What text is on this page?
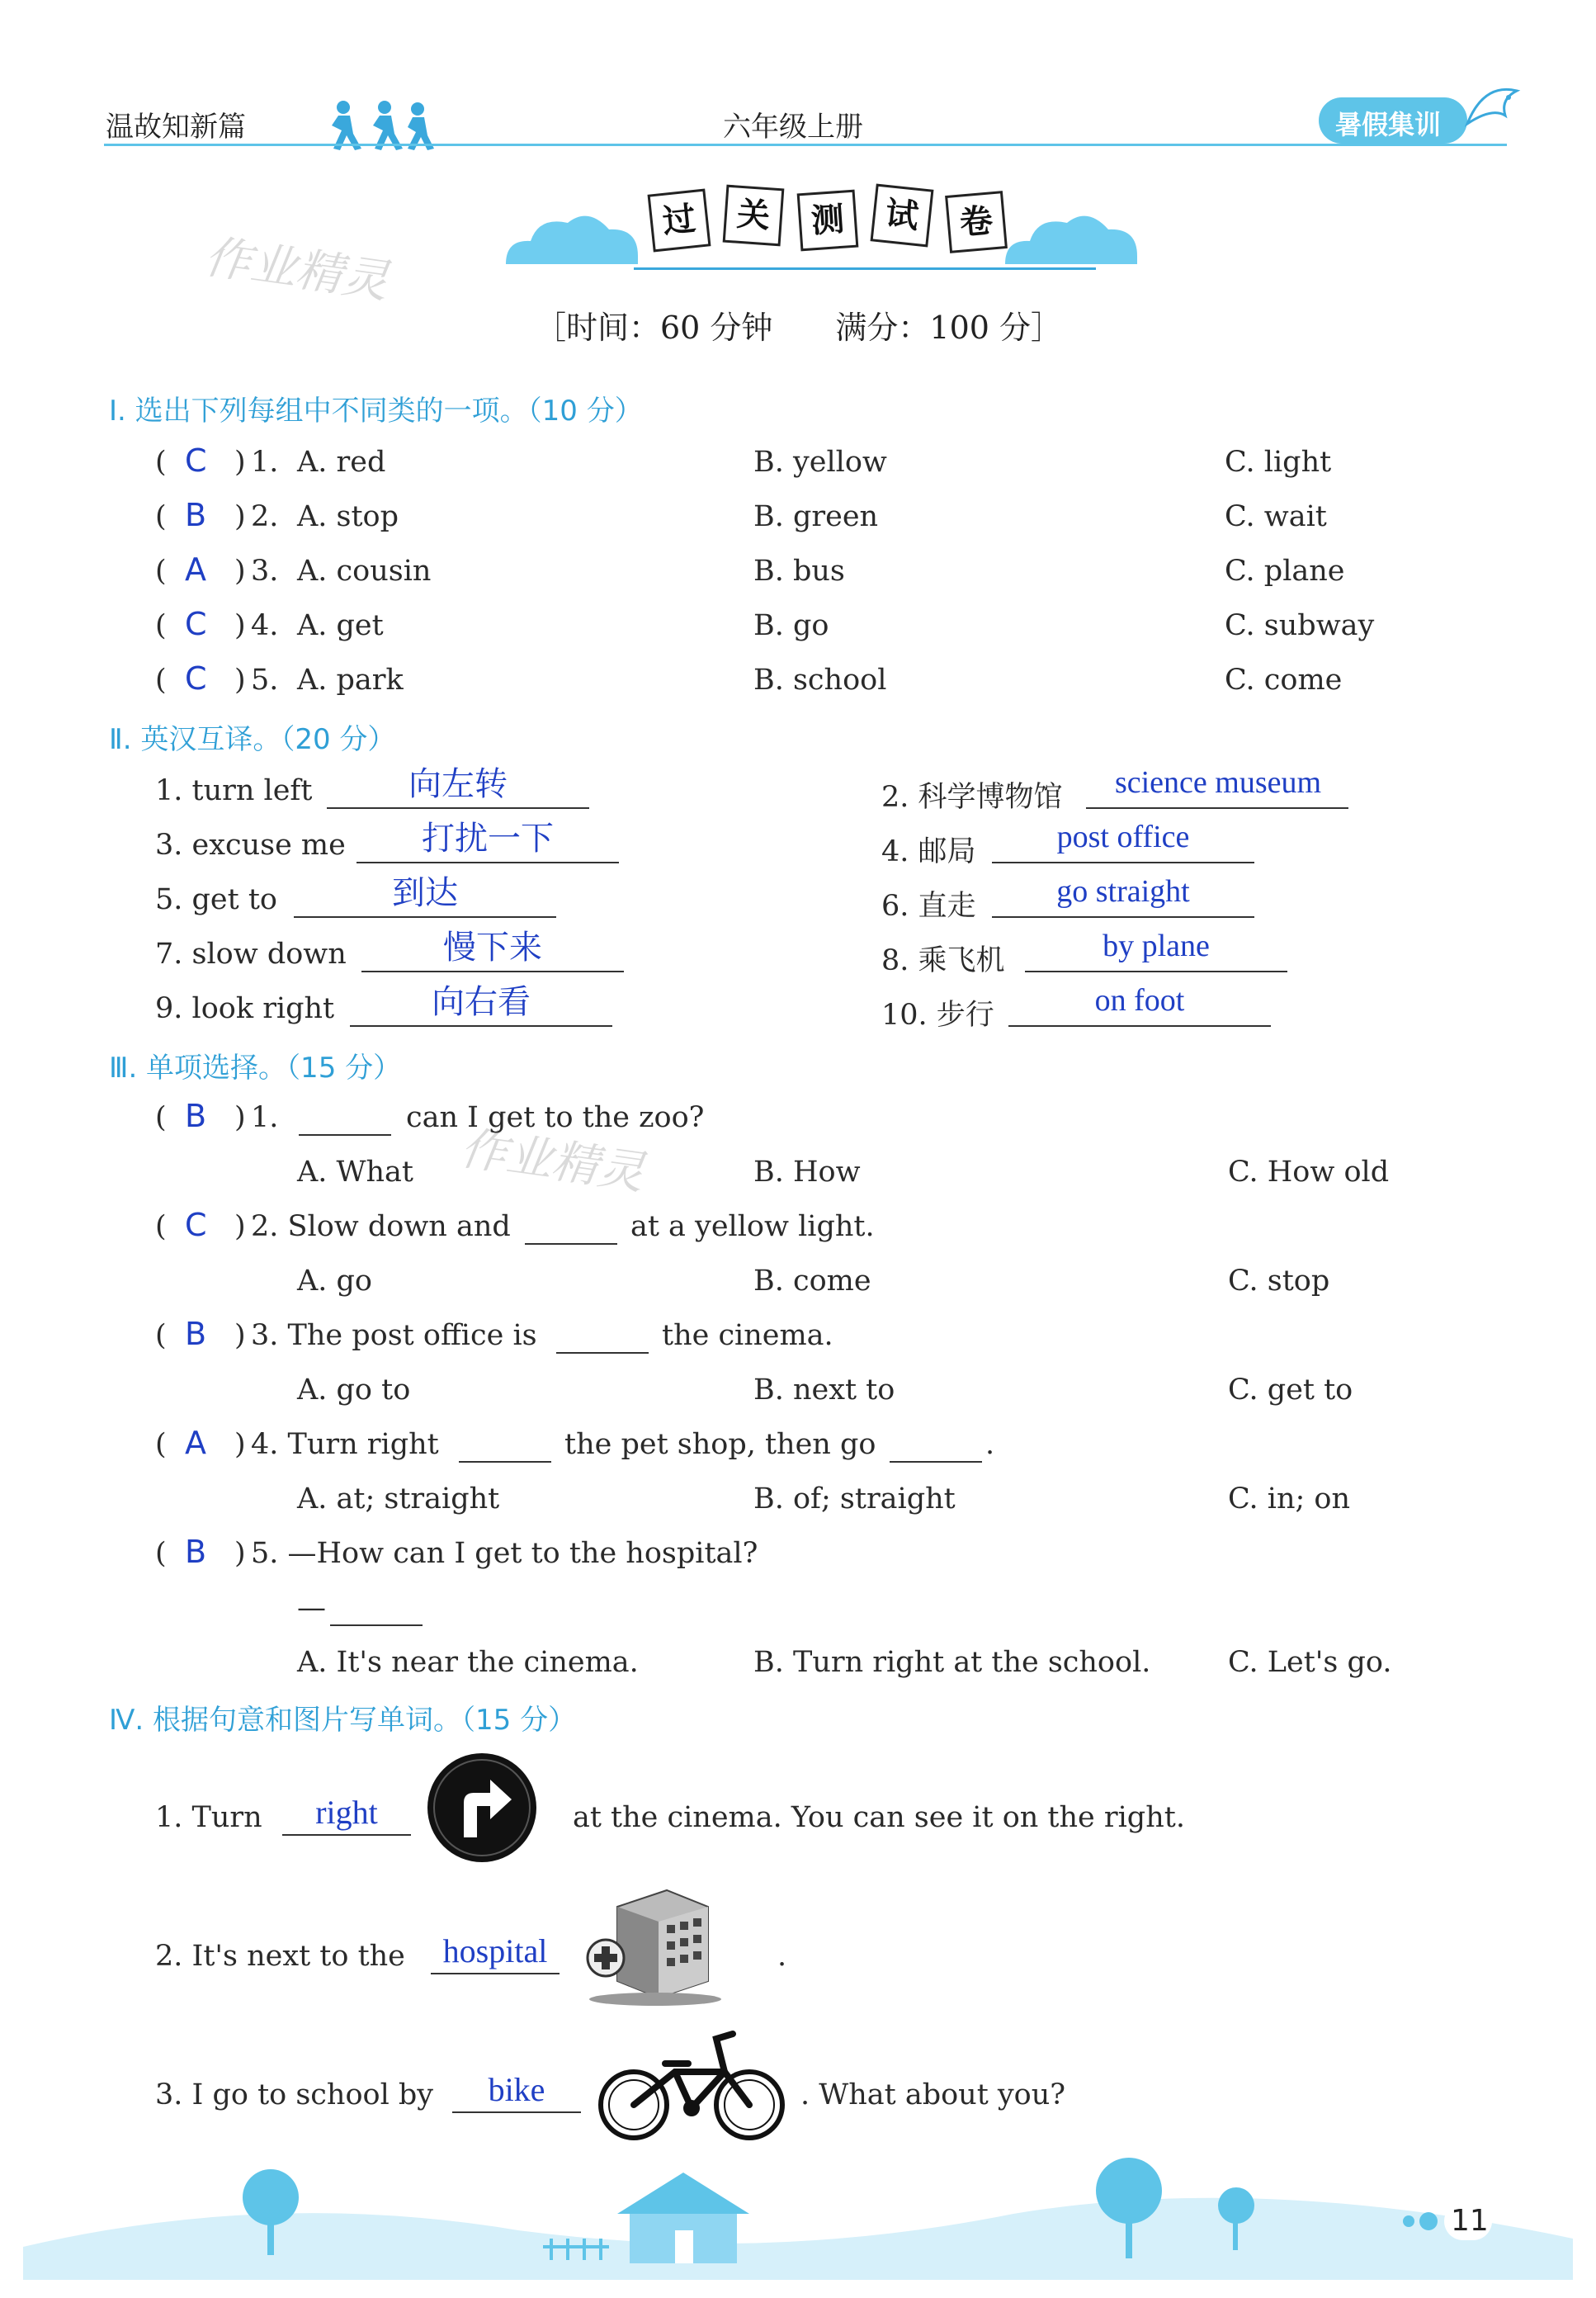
温故知新篇	六年级上册	暑假集训
过	关	测	试	卷
作业精灵
作业精灵
［时间：60 分钟　　满分：100 分］
Ⅰ. 选出下列每组中不同类的一项。（10 分）
( C ) 1. A. red	B. yellow	C. light
( B ) 2. A. stop	B. green	C. wait
( A ) 3. A. cousin	B. bus	C. plane
( C ) 4. A. get	B. go	C. subway
( C ) 5. A. park	B. school	C. come
Ⅱ. 英汉互译。（20 分）
1. turn left	向左转
3. excuse me	打扰一下
5. get to	到达
7. slow down	慢下来
9. look right	向右看
2. 科学博物馆	science museum
4. 邮局	post office
6. 直走	go straight
8. 乘飞机	by plane
10. 步行	on foot
Ⅲ. 单项选择。（15 分）
( B ) 1.	can I get to the zoo?
A. What	B. How	C. How old
( C ) 2. Slow down and	at a yellow light.
A. go	B. come	C. stop
( B ) 3. The post office is	the cinema.
A. go to	B. next to	C. get to
( A ) 4. Turn right	the pet shop, then go	.
A. at; straight	B. of; straight	C. in; on
( B ) 5. —How can I get to the hospital?
—
A. It's near the cinema.	B. Turn right at the school.	C. Let's go.
Ⅳ. 根据句意和图片写单词。（15 分）
1. Turn	right	at the cinema. You can see it on the right.
2. It's next to the	hospital	.
3. I go to school by	bike	. What about you?
11
